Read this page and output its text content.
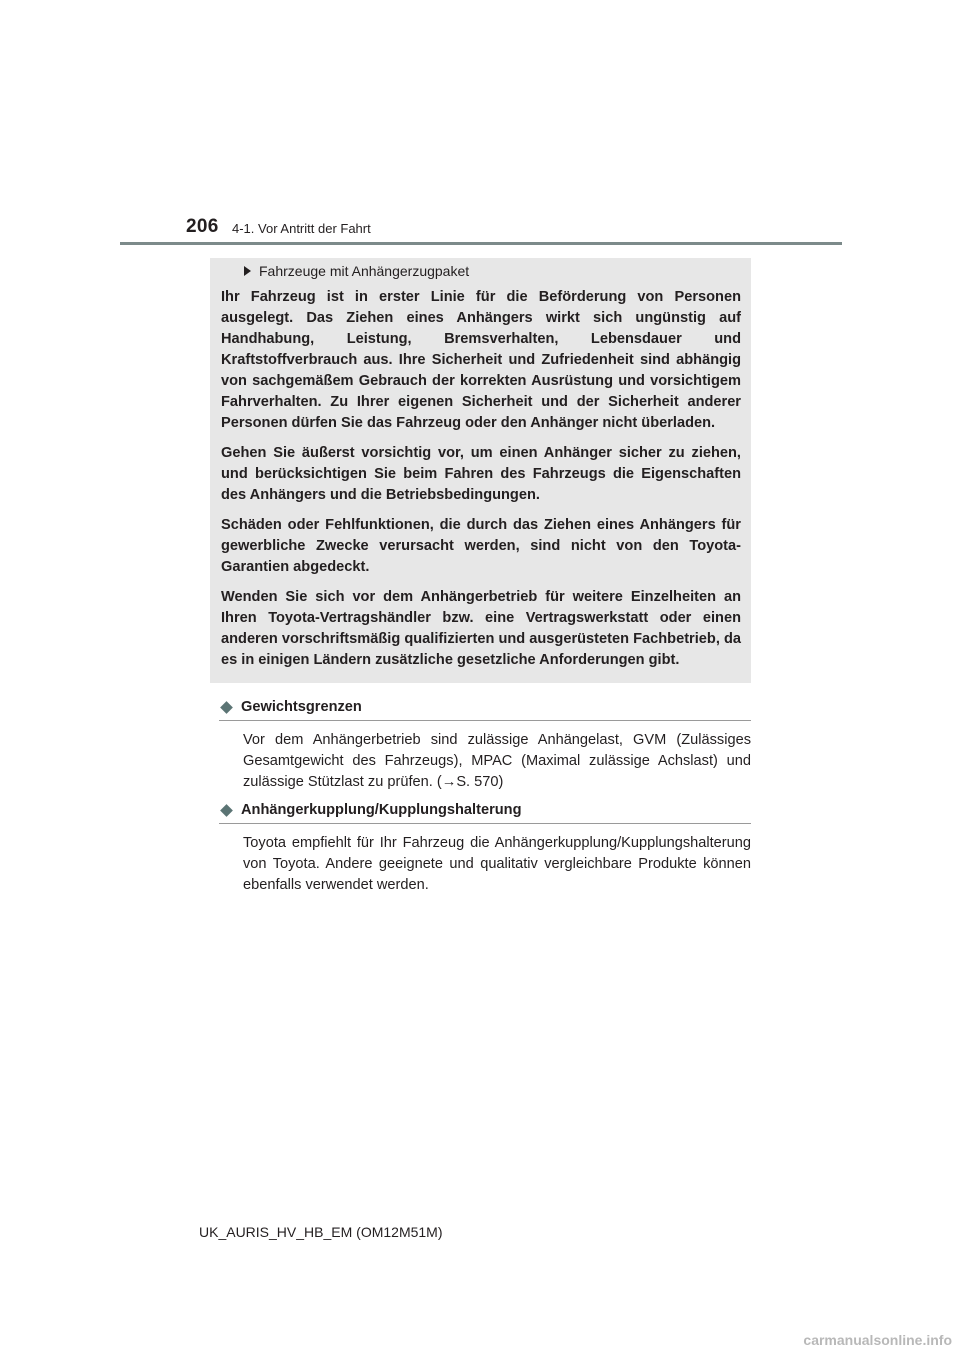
206 4-1. Vor Antritt der Fahrt
Fahrzeuge mit Anhängerzugpaket

Ihr Fahrzeug ist in erster Linie für die Beförderung von Personen ausgelegt. Das Ziehen eines Anhängers wirkt sich ungünstig auf Handhabung, Leistung, Bremsverhalten, Lebensdauer und Kraftstoffverbrauch aus. Ihre Sicherheit und Zufriedenheit sind abhängig von sachgemäßem Gebrauch der korrekten Ausrüstung und vorsichtigem Fahrverhalten. Zu Ihrer eigenen Sicherheit und der Sicherheit anderer Personen dürfen Sie das Fahrzeug oder den Anhänger nicht überladen.

Gehen Sie äußerst vorsichtig vor, um einen Anhänger sicher zu ziehen, und berücksichtigen Sie beim Fahren des Fahrzeugs die Eigenschaften des Anhängers und die Betriebsbedingungen.

Schäden oder Fehlfunktionen, die durch das Ziehen eines Anhängers für gewerbliche Zwecke verursacht werden, sind nicht von den Toyota-Garantien abgedeckt.

Wenden Sie sich vor dem Anhängerbetrieb für weitere Einzelheiten an Ihren Toyota-Vertragshändler bzw. eine Vertragswerkstatt oder einen anderen vorschriftsmäßig qualifizierten und ausgerüsteten Fachbetrieb, da es in einigen Ländern zusätzliche gesetzliche Anforderungen gibt.

Gewichtsgrenzen
Vor dem Anhängerbetrieb sind zulässige Anhängelast, GVM (Zulässiges Gesamtgewicht des Fahrzeugs), MPAC (Maximal zulässige Achslast) und zulässige Stützlast zu prüfen. (→S. 570)
Anhängerkupplung/Kupplungshalterung
Toyota empfiehlt für Ihr Fahrzeug die Anhängerkupplung/Kupplungshalterung von Toyota. Andere geeignete und qualitativ vergleichbare Produkte können ebenfalls verwendet werden.
UK_AURIS_HV_HB_EM (OM12M51M)
carmanualsonline.info
